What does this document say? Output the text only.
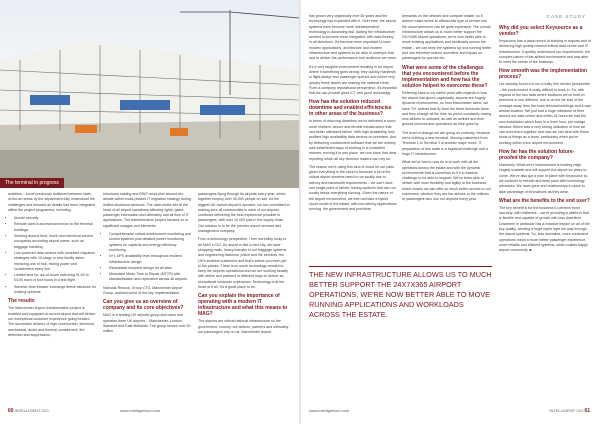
The terminal in progress

activities – some previously scattered between state-of-the-art areas by the department fully understood the challenges and ensured all details had been integrated within the project programme, including:

• Airside security
• Remote control access/connection to the terminal buildings
• Working around third, fourth and electrical service occupancy according airport owner, such as baggage handling
• Low-powered data centres with complete migration strategies with 10-stage in new facility alone, replacing one of four, mixing power and containment every line
• Limited time for out-of-hours switching 01:00 to 04:00 each of four hours in a test flight
• Summer-time transfer exchange fleece windows for existing systems.
The results

The Manchester Airport transformation project is enabled and equipped at current airport that will deliver our exceptional customer experience going forward. The successful delivery of high construction, electrical, mechanical, audio and thermal containment, fire detection and suppression,

structured cabling and RWS racks plus around-the-airside within cross-phases IT migration strategy during limited shutdown windows. The data centre sits at the heart of all airport operations affecting lights, gates, passenger information and ultimately overall flow of IT applications. The transformation project focuses on to significant outages and elements:

• Comprehensive critical environment monitoring and control systems plus detailed power monitoring systems for capacity and energy efficiency monitoring
• N+1 UPS availability level throughout resilient infrastructure design
• Repeatable blueprint design for all sites
• Minimised Mean Time to Repair (MTTR) with standardisation and replication across all airports.

Nicholas Rimock, Group CTO, Manchester Airport Group, outlined some of the key implementation.

Can you give us an overview of company and its core objectives?

MAG is a leading UK airports group and owns and operates three UK airports – Manchester, London Stansted and East Midlands. The group serves over 60 million

passengers flying through its airports every year, which together employ over 40,000 people on site. As the biggest UK-owned airport's operator, we are committed to making sure all communities in each of our airports continues delivering the best experience possible to passengers, with over 10,000 jobs in the supply chain. Our mission is to be the premier airport services and management company.

From a technology perspective, I feel incredibly lucky to be MAG's CIO. An airport is like a mini city, we have shopping malls, heavy industry in our baggage systems and engineering divisions, police and fire services, the UK's smallest customers and that's before you even get to the planes. There is so much technology needed to keep the airports operational and we are working heavily with airline and partners in different ways to deliver an exceptional customer experience. Technology is at the heart of it all. It's a great place to be.

Can you explain the importance of operating with a modern IT infrastructure and what this means to MAG?

The airports are critical national infrastructure so the government, country, our airlines, partners and ultimately our passengers rely on us. Manchester airport

60 INTELLIGENT CIO	www.intelligentcio.com
CASE STUDY

has grown very organically over 80 years and the technology has expanded with it. Over time, the airport systems have become more interdependent: technology is advancing fast. Adding the infrastructure needed to become more integrated, with data flowing in all directions. It's become more important to have modern applications, architecture and modern infrastructure and systems to be able to underpin that and to deliver the performance and resilience we need.

It's a very tangible environment resulting in an airport where if something goes wrong, they quickly manifests in flight delays and passenger queues and where very quickly these issues are making the national news. From a company reputational perspective, it's essential that we can provide good ICT and good technology.

How has the solution reduced downtime and enabled efficiencies in other areas of the business?

In terms of reducing downtime we've delivered a much more resilient, secure and flexible infrastructure that can better withstand failure. With high availability, fully resilient high availability data centres on premises. And by delivering containment software that we are entirely well-established ways of working in a consistent manner, moving it in one place, we now have that clear reporting which all key decision makers can rely on.

The reason we're using this kind of cloud on our parts given everything in the cloud is because a lot of the critical airport systems need to run locally due to latency and bandwidth requirements – we can't have one single point of failure; having systems that can run locally keeps everything running. Given the nature of the airport environment, we then will take a hybrid cloud model of the estate, with low-latency applications running, the government and providers.

demands on the network and compute estate, so it doesn't make sense to offload this type of service into the cloud whenever can be quite expensive. The overall infrastructure allows us to much better support the 24/7x365 airport operations; we're now better able to move existing applications and workloads across the estate – we can keep the systems up and running better and can therefore reduce downtime and impact on passengers for queues etc.

What were some of the challenges that you encountered before the implementation and how has the solution helped to overcome these?

Referring back to my earlier point with regards to how the airport has grown organically, airports are hugely dynamic environments, so from Manchester alone, we have 70+ airlines that fly from the three terminals there and they change all the time so you're constantly having new airlines to onboard, as well as airlines and their ground services and operations as time goes by.

The level of change we are going on currently, because we're building a new terminal. Moving customers from Terminal 1 to Terminal 2 is another major move. IT preparation of this scale is a logistical challenge and a huge IT infrastructure.

What we've had to now do is to work with all the operators across the estate and with the dynamic environments that is somehow so it's a massive challenge to be able to support. We've been able to deliver with more flexibility and agility to the business, which means we can offer so much better service to our customers, whether they are the airlines or the millions of passengers who use our airports every year.

Why did you select Keysource as a vendor?

Keysource has a track record of working in airports and of delivering high quality mission critical data centre and IT infrastructure. It quickly understood our requirements, the complex nature of the airfield environment and was able to meet the needs of the business.

How smooth was the implementation process?

I've actually found it to be a really fine vendor perspective – the environment is really difficult to work in. So, with regards to the two data centre locations we've built on premises in two different, one is on the far side of the runways away from the main terminal buildings and it was airside location. We just had a huge milestone of fibre around our data centre and within 24 hours we had the new installation which lives in a three hour, pre-outage window. Which was a very strong indication of how we can work there together and how we can deal with those kinds of things as a team, particularly when you're working within a live airport environment.

How far has the solution future-proofed the company?

Massively. What we're implemented is leading edge. Hugely scalable and will support the airport for years to come. We've also got a plan in place with Keysource so we continue to refresh and keep pace with technology advances. We have gone and relationships in place to take advantage of innovations as they arise.

What are the benefits to the end user?

The key benefit is for the business to perform more securely, with resilience – we're providing a platform that is flexible and capable of growth with less downtime. Downtime in particular has a massive impact on all of the key quality, sending a huge ripple right the way through the airport systems. So, less downtime, more consistent operations mean a much better passenger experience, more reliable and efficient systems, which makes happy airport community. ■

THE NEW INFRASTRUCTURE ALLOWS US TO MUCH BETTER SUPPORT THE 24X7X365 AIRPORT OPERATIONS, WE'RE NOW BETTER ABLE TO MOVE RUNNING APPLICATIONS AND WORKLOADS ACROSS THE ESTATE.
www.intelligentcio.com	INTELLIGENT CIO 61
